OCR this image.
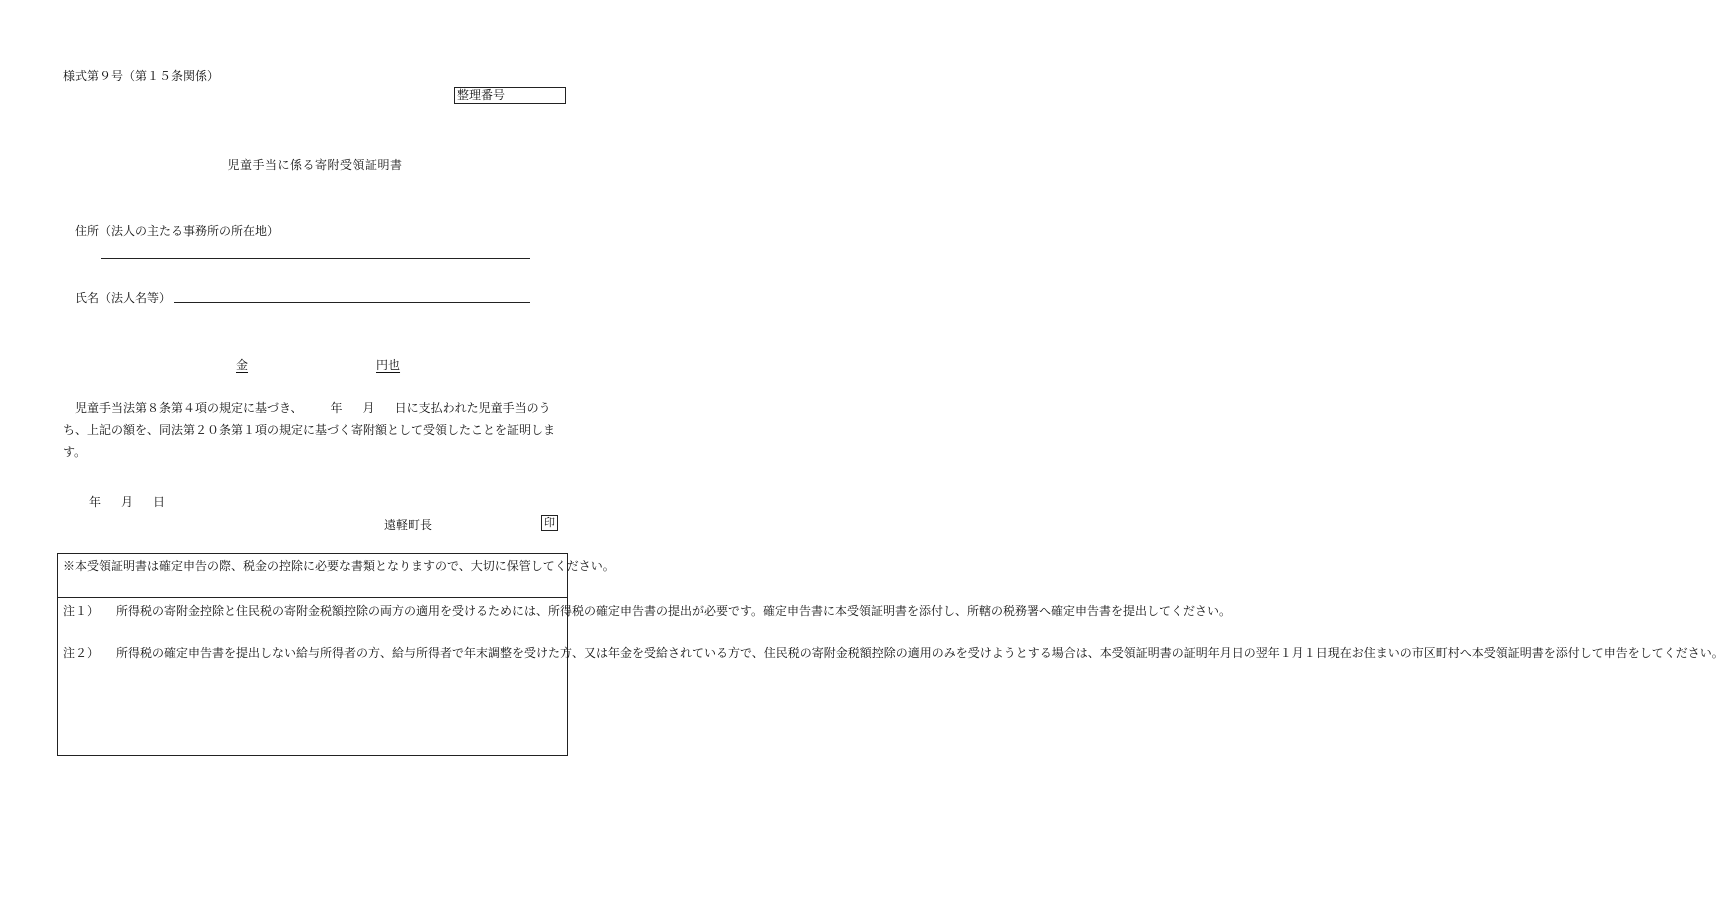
様式第９号（第１５条関係）
整理番号
児童手当に係る寄附受領証明書
住所（法人の主たる事務所の所在地）
氏名（法人名等）
金	円也
児童手当法第８条第４項の規定に基づき、 年 月 日に支払われた児童手当のうち、上記の額を、同法第２０条第１項の規定に基づく寄附額として受領したことを証明します。
年 月 日
遠軽町長	印
※本受領証明書は確定申告の際、税金の控除に必要な書類となりますので、大切に保管してください。
注１） 所得税の寄附金控除と住民税の寄附金税額控除の両方の適用を受けるためには、所得税の確定申告書の提出が必要です。確定申告書に本受領証明書を添付し、所轄の税務署へ確定申告書を提出してください。
注２） 所得税の確定申告書を提出しない給与所得者の方、給与所得者で年末調整を受けた方、又は年金を受給されている方で、住民税の寄附金税額控除の適用のみを受けようとする場合は、本受領証明書の証明年月日の翌年１月１日現在お住まいの市区町村へ本受領証明書を添付して申告をしてください。
